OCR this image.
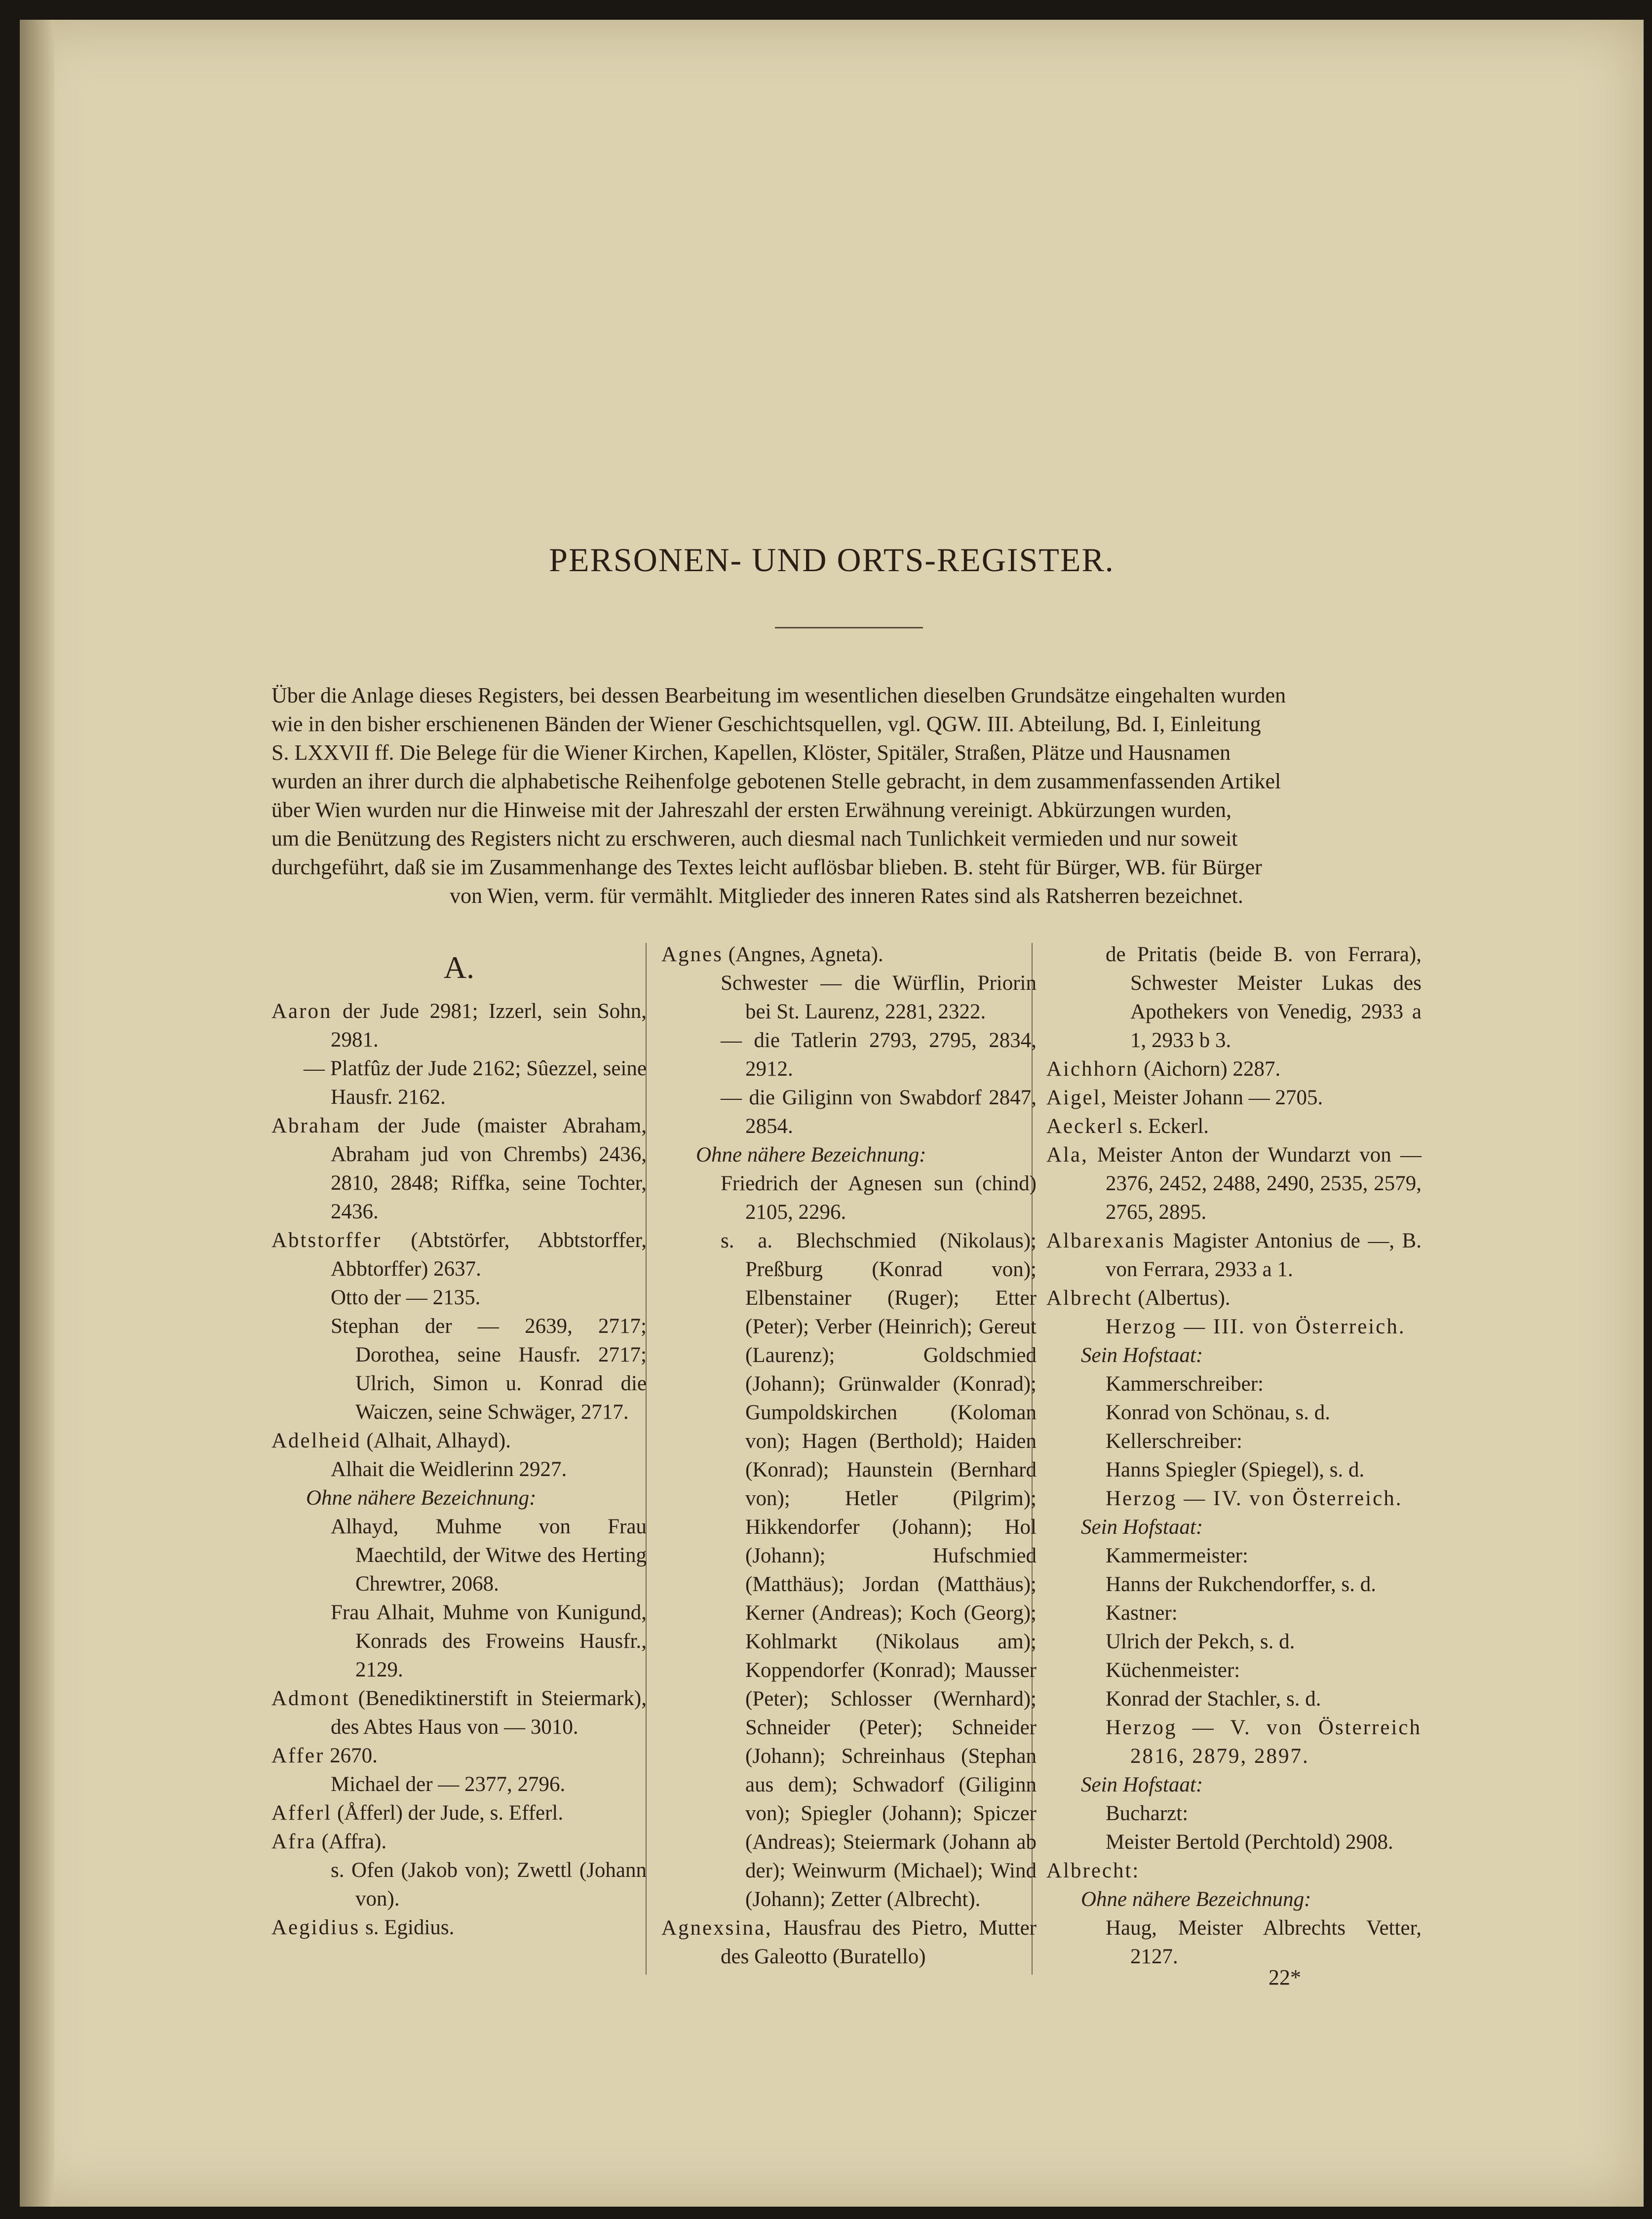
PERSONEN- UND ORTS-REGISTER.
Über die Anlage dieses Registers, bei dessen Bearbeitung im wesentlichen dieselben Grundsätze eingehalten wurden
wie in den bisher erschienenen Bänden der Wiener Geschichtsquellen, vgl. QGW. III. Abteilung, Bd. I, Einleitung
S. LXXVII ff. Die Belege für die Wiener Kirchen, Kapellen, Klöster, Spitäler, Straßen, Plätze und Hausnamen
wurden an ihrer durch die alphabetische Reihenfolge gebotenen Stelle gebracht, in dem zusammenfassenden Artikel
über Wien wurden nur die Hinweise mit der Jahreszahl der ersten Erwähnung vereinigt. Abkürzungen wurden,
um die Benützung des Registers nicht zu erschweren, auch diesmal nach Tunlichkeit vermieden und nur soweit
durchgeführt, daß sie im Zusammenhange des Textes leicht auflösbar blieben. B. steht für Bürger, WB. für Bürger
von Wien, verm. für vermählt. Mitglieder des inneren Rates sind als Ratsherren bezeichnet.
A.
Aaron der Jude 2981; Izzerl, sein Sohn, 2981.
— Platfûz der Jude 2162; Sûezzel, seine Hausfr. 2162.
Abraham der Jude (maister Abraham, Abraham jud von Chrembs) 2436, 2810, 2848; Riffka, seine Tochter, 2436.
Abtstorffer (Abtstörfer, Abbtstorffer, Abbtorffer) 2637.
Otto der — 2135.
Stephan der — 2639, 2717; Dorothea, seine Hausfr. 2717; Ulrich, Simon u. Konrad die Waiczen, seine Schwäger, 2717.
Adelheid (Alhait, Alhayd).
Alhait die Weidlerinn 2927.
Ohne nähere Bezeichnung:
Alhayd, Muhme von Frau Maechtild, der Witwe des Herting Chrewtrer, 2068.
Frau Alhait, Muhme von Kunigund, Konrads des Froweins Hausfr., 2129.
Admont (Benediktinerstift in Steiermark), des Abtes Haus von — 3010.
Affer 2670.
Michael der — 2377, 2796.
Afferl (Åfferl) der Jude, s. Efferl.
Afra (Affra).
s. Ofen (Jakob von); Zwettl (Johann von).
Aegidius s. Egidius.
Agnes (Angnes, Agneta).
Schwester — die Würflin, Priorin bei St. Laurenz, 2281, 2322.
— die Tatlerin 2793, 2795, 2834, 2912.
— die Giliginn von Swabdorf 2847, 2854.
Ohne nähere Bezeichnung:
Friedrich der Agnesen sun (chind) 2105, 2296.
s. a. Blechschmied (Nikolaus); Preßburg (Konrad von); Elbenstainer (Ruger); Etter (Peter); Verber (Heinrich); Gereut (Laurenz); Goldschmied (Johann); Grünwalder (Konrad); Gumpoldskirchen (Koloman von); Hagen (Berthold); Haiden (Konrad); Haunstein (Bernhard von); Hetler (Pilgrim); Hikkendorfer (Johann); Hol (Johann); Hufschmied (Matthäus); Jordan (Matthäus); Kerner (Andreas); Koch (Georg); Kohlmarkt (Nikolaus am); Koppendorfer (Konrad); Mausser (Peter); Schlosser (Wernhard); Schneider (Peter); Schneider (Johann); Schreinhaus (Stephan aus dem); Schwadorf (Giliginn von); Spiegler (Johann); Spiczer (Andreas); Steiermark (Johann ab der); Weinwurm (Michael); Wind (Johann); Zetter (Albrecht).
Agnexsina, Hausfrau des Pietro, Mutter des Galeotto (Buratello)
de Pritatis (beide B. von Ferrara), Schwester Meister Lukas des Apothekers von Venedig, 2933 a 1, 2933 b 3.
Aichhorn (Aichorn) 2287.
Aigel, Meister Johann — 2705.
Aeckerl s. Eckerl.
Ala, Meister Anton der Wundarzt von — 2376, 2452, 2488, 2490, 2535, 2579, 2765, 2895.
Albarexanis Magister Antonius de —, B. von Ferrara, 2933 a 1.
Albrecht (Albertus).
Herzog — III. von Österreich.
Sein Hofstaat:
Kammerschreiber:
Konrad von Schönau, s. d.
Kellerschreiber:
Hanns Spiegler (Spiegel), s. d.
Herzog — IV. von Österreich.
Sein Hofstaat:
Kammermeister:
Hanns der Rukchendorffer, s. d.
Kastner:
Ulrich der Pekch, s. d.
Küchenmeister:
Konrad der Stachler, s. d.
Herzog — V. von Österreich 2816, 2879, 2897.
Sein Hofstaat:
Bucharzt:
Meister Bertold (Perchtold) 2908.
Albrecht:
Ohne nähere Bezeichnung:
Haug, Meister Albrechts Vetter, 2127.
22*
